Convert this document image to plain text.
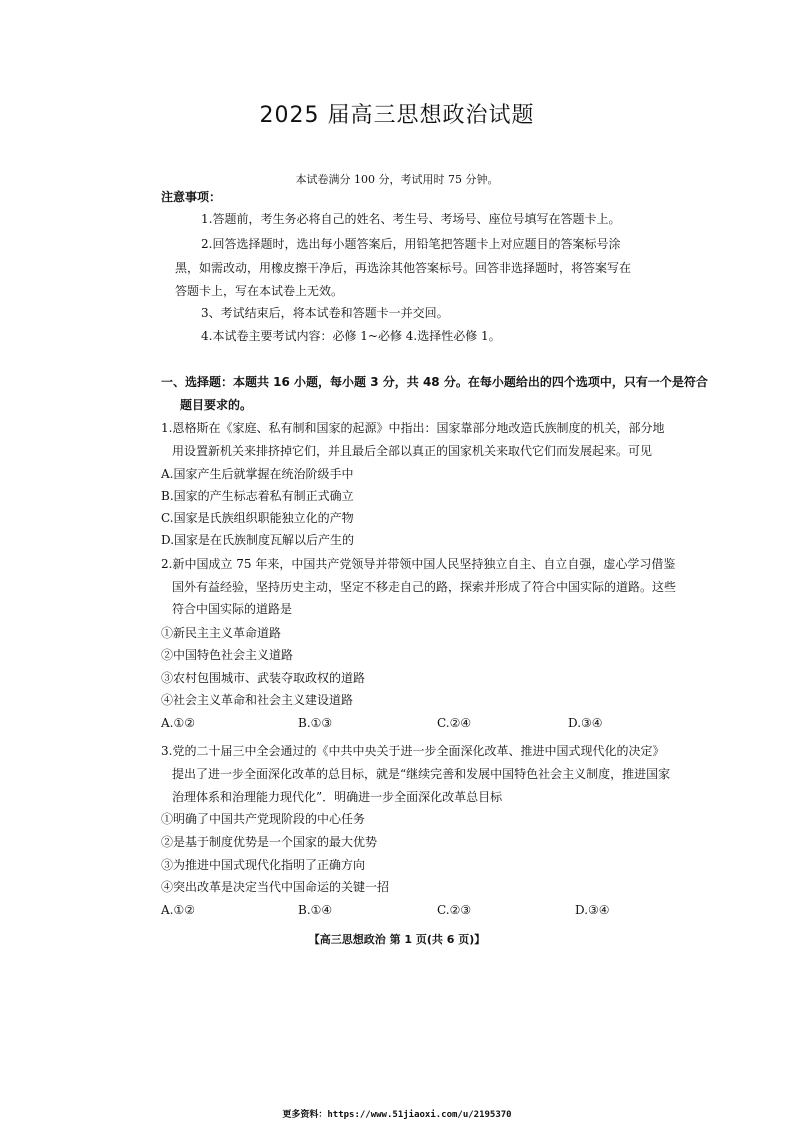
2025 届高三思想政治试题
本试卷满分 100 分，考试用时 75 分钟。
注意事项：
1.答题前，考生务必将自己的姓名、考生号、考场号、座位号填写在答题卡上。
2.回答选择题时，选出每小题答案后，用铅笔把答题卡上对应题目的答案标号涂
黑，如需改动，用橡皮擦干净后，再选涂其他答案标号。回答非选择题时，将答案写在
答题卡上，写在本试卷上无效。
3、考试结束后，将本试卷和答题卡一并交回。
4.本试卷主要考试内容：必修 1~必修 4.选择性必修 1。
一、选择题：本题共 16 小题，每小题 3 分，共 48 分。在每小题给出的四个选项中，只有一个是符合
题目要求的。
1.恩格斯在《家庭、私有制和国家的起源》中指出：国家靠部分地改造氏族制度的机关，部分地
用设置新机关来排挤掉它们，并且最后全部以真正的国家机关来取代它们而发展起来。可见
A.国家产生后就掌握在统治阶级手中
B.国家的产生标志着私有制正式确立
C.国家是氏族组织职能独立化的产物
D.国家是在氏族制度瓦解以后产生的
2.新中国成立 75 年来，中国共产党领导并带领中国人民坚持独立自主、自立自强，虚心学习借鉴
国外有益经验，坚持历史主动，坚定不移走自己的路，探索并形成了符合中国实际的道路。这些
符合中国实际的道路是
①新民主主义革命道路
②中国特色社会主义道路
③农村包围城市、武装夺取政权的道路
④社会主义革命和社会主义建设道路
A.①②	B.①③	C.②④	D.③④
3.党的二十届三中全会通过的《中共中央关于进一步全面深化改革、推进中国式现代化的决定》
提出了进一步全面深化改革的总目标，就是“继续完善和发展中国特色社会主义制度，推进国家
治理体系和治理能力现代化”．明确进一步全面深化改革总目标
①明确了中国共产党现阶段的中心任务
②是基于制度优势是一个国家的最大优势
③为推进中国式现代化指明了正确方向
④突出改革是决定当代中国命运的关键一招
A.①②	B.①④	C.②③	D.③④
【高三思想政治 第 1 页(共 6 页)】
更多资料：https://www.51jiaoxi.com/u/2195370
